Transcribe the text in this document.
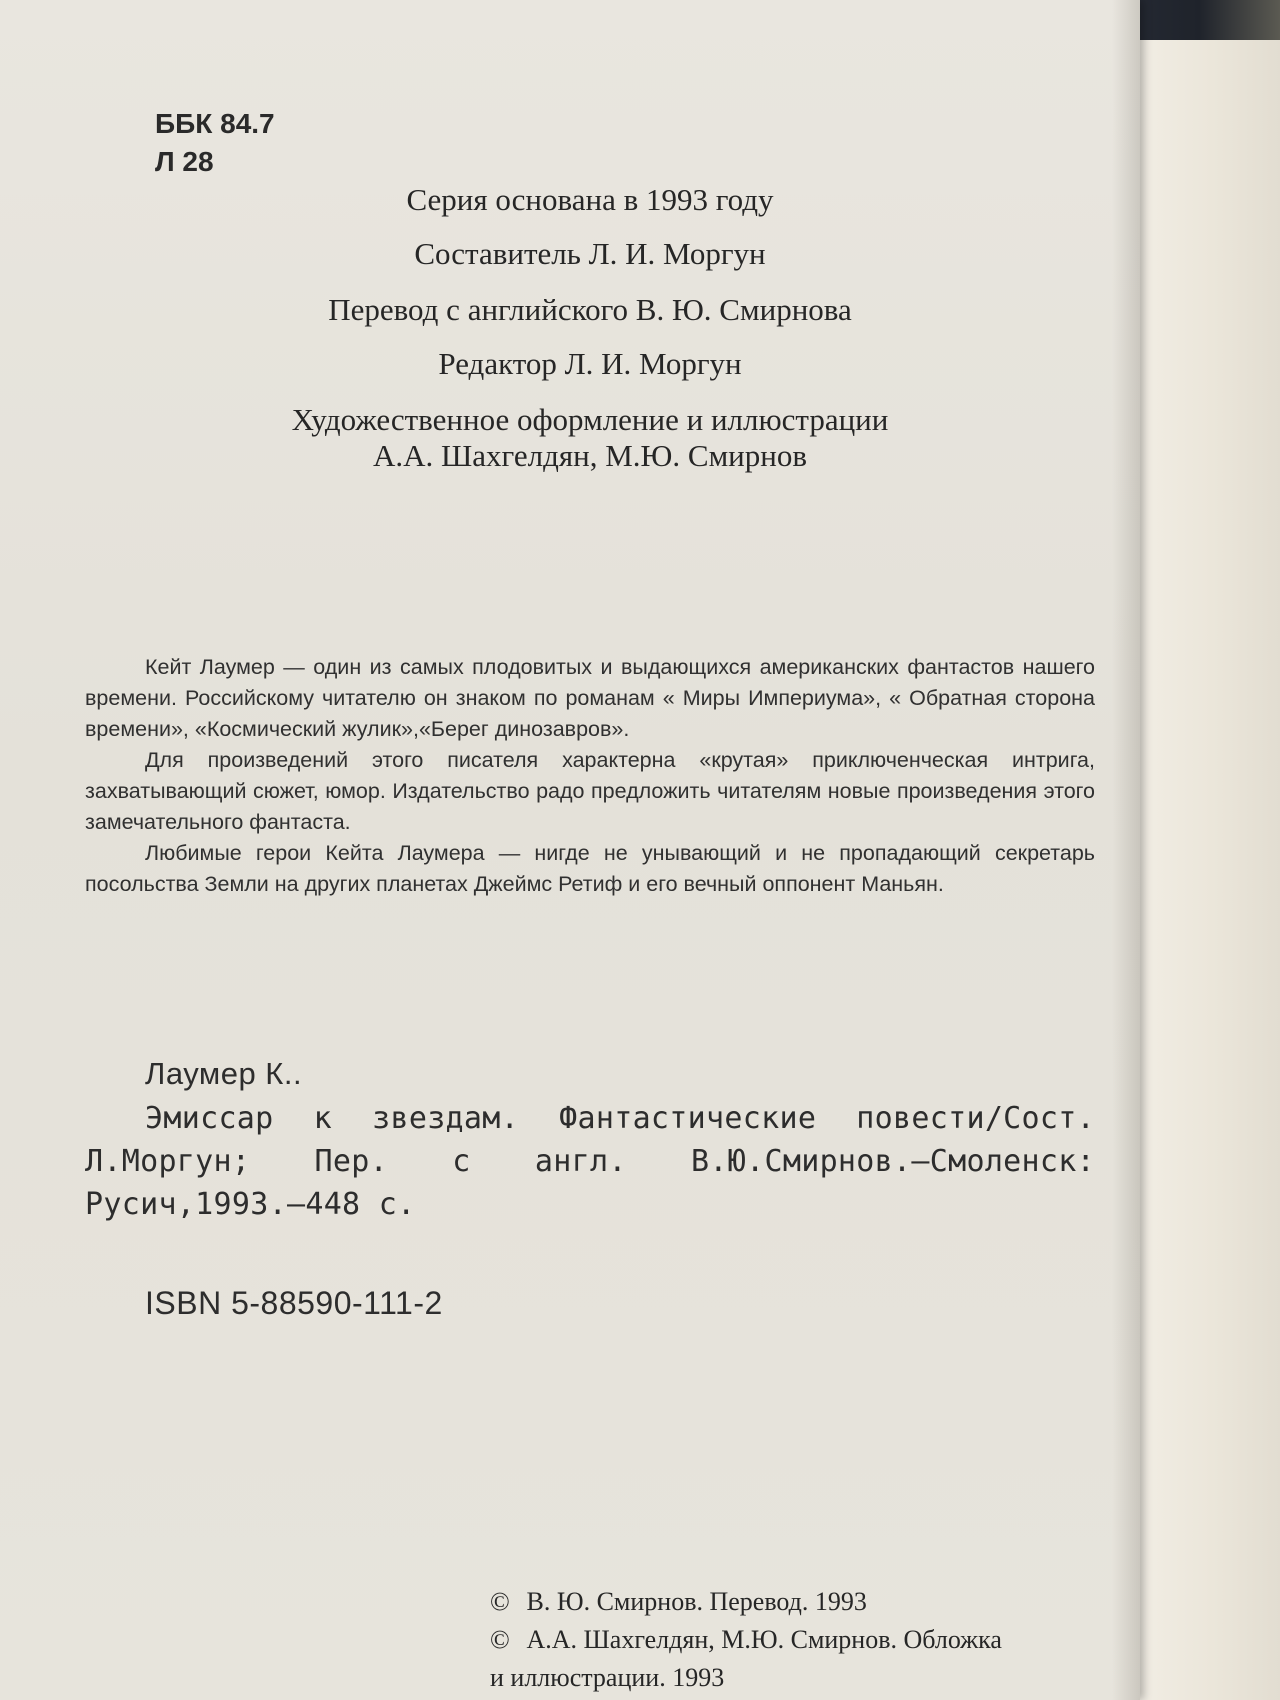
ББК 84.7
Л 28
Серия основана в 1993 году
Составитель Л. И. Моргун
Перевод с английского В. Ю. Смирнова
Редактор Л. И. Моргун
Художественное оформление и иллюстрации
А.А. Шахгелдян, М.Ю. Смирнов

Кейт Лаумер — один из самых плодовитых и выдающихся американских фантастов нашего времени. Российскому читателю он знаком по романам « Миры Империума», « Обратная сторона времени», «Космический жулик»,«Берег динозавров».

Для произведений этого писателя характерна «крутая» приключенческая интрига, захватывающий сюжет, юмор. Издательство радо предложить читателям новые произведения этого замечательного фантаста.

Любимые герои Кейта Лаумера — нигде не унывающий и не пропадающий секретарь посольства Земли на других планетах Джеймс Ретиф и его вечный оппонент Маньян.

Лаумер К..
Эмиссар к звездам. Фантастические повести/Сост. Л.Моргун; Пер. с англ. В.Ю.Смирнов.—Смоленск: Русич,1993.—448 с.
ISBN 5-88590-111-2
© В. Ю. Смирнов. Перевод. 1993
© А.А. Шахгелдян, М.Ю. Смирнов. Обложка
и иллюстрации. 1993
